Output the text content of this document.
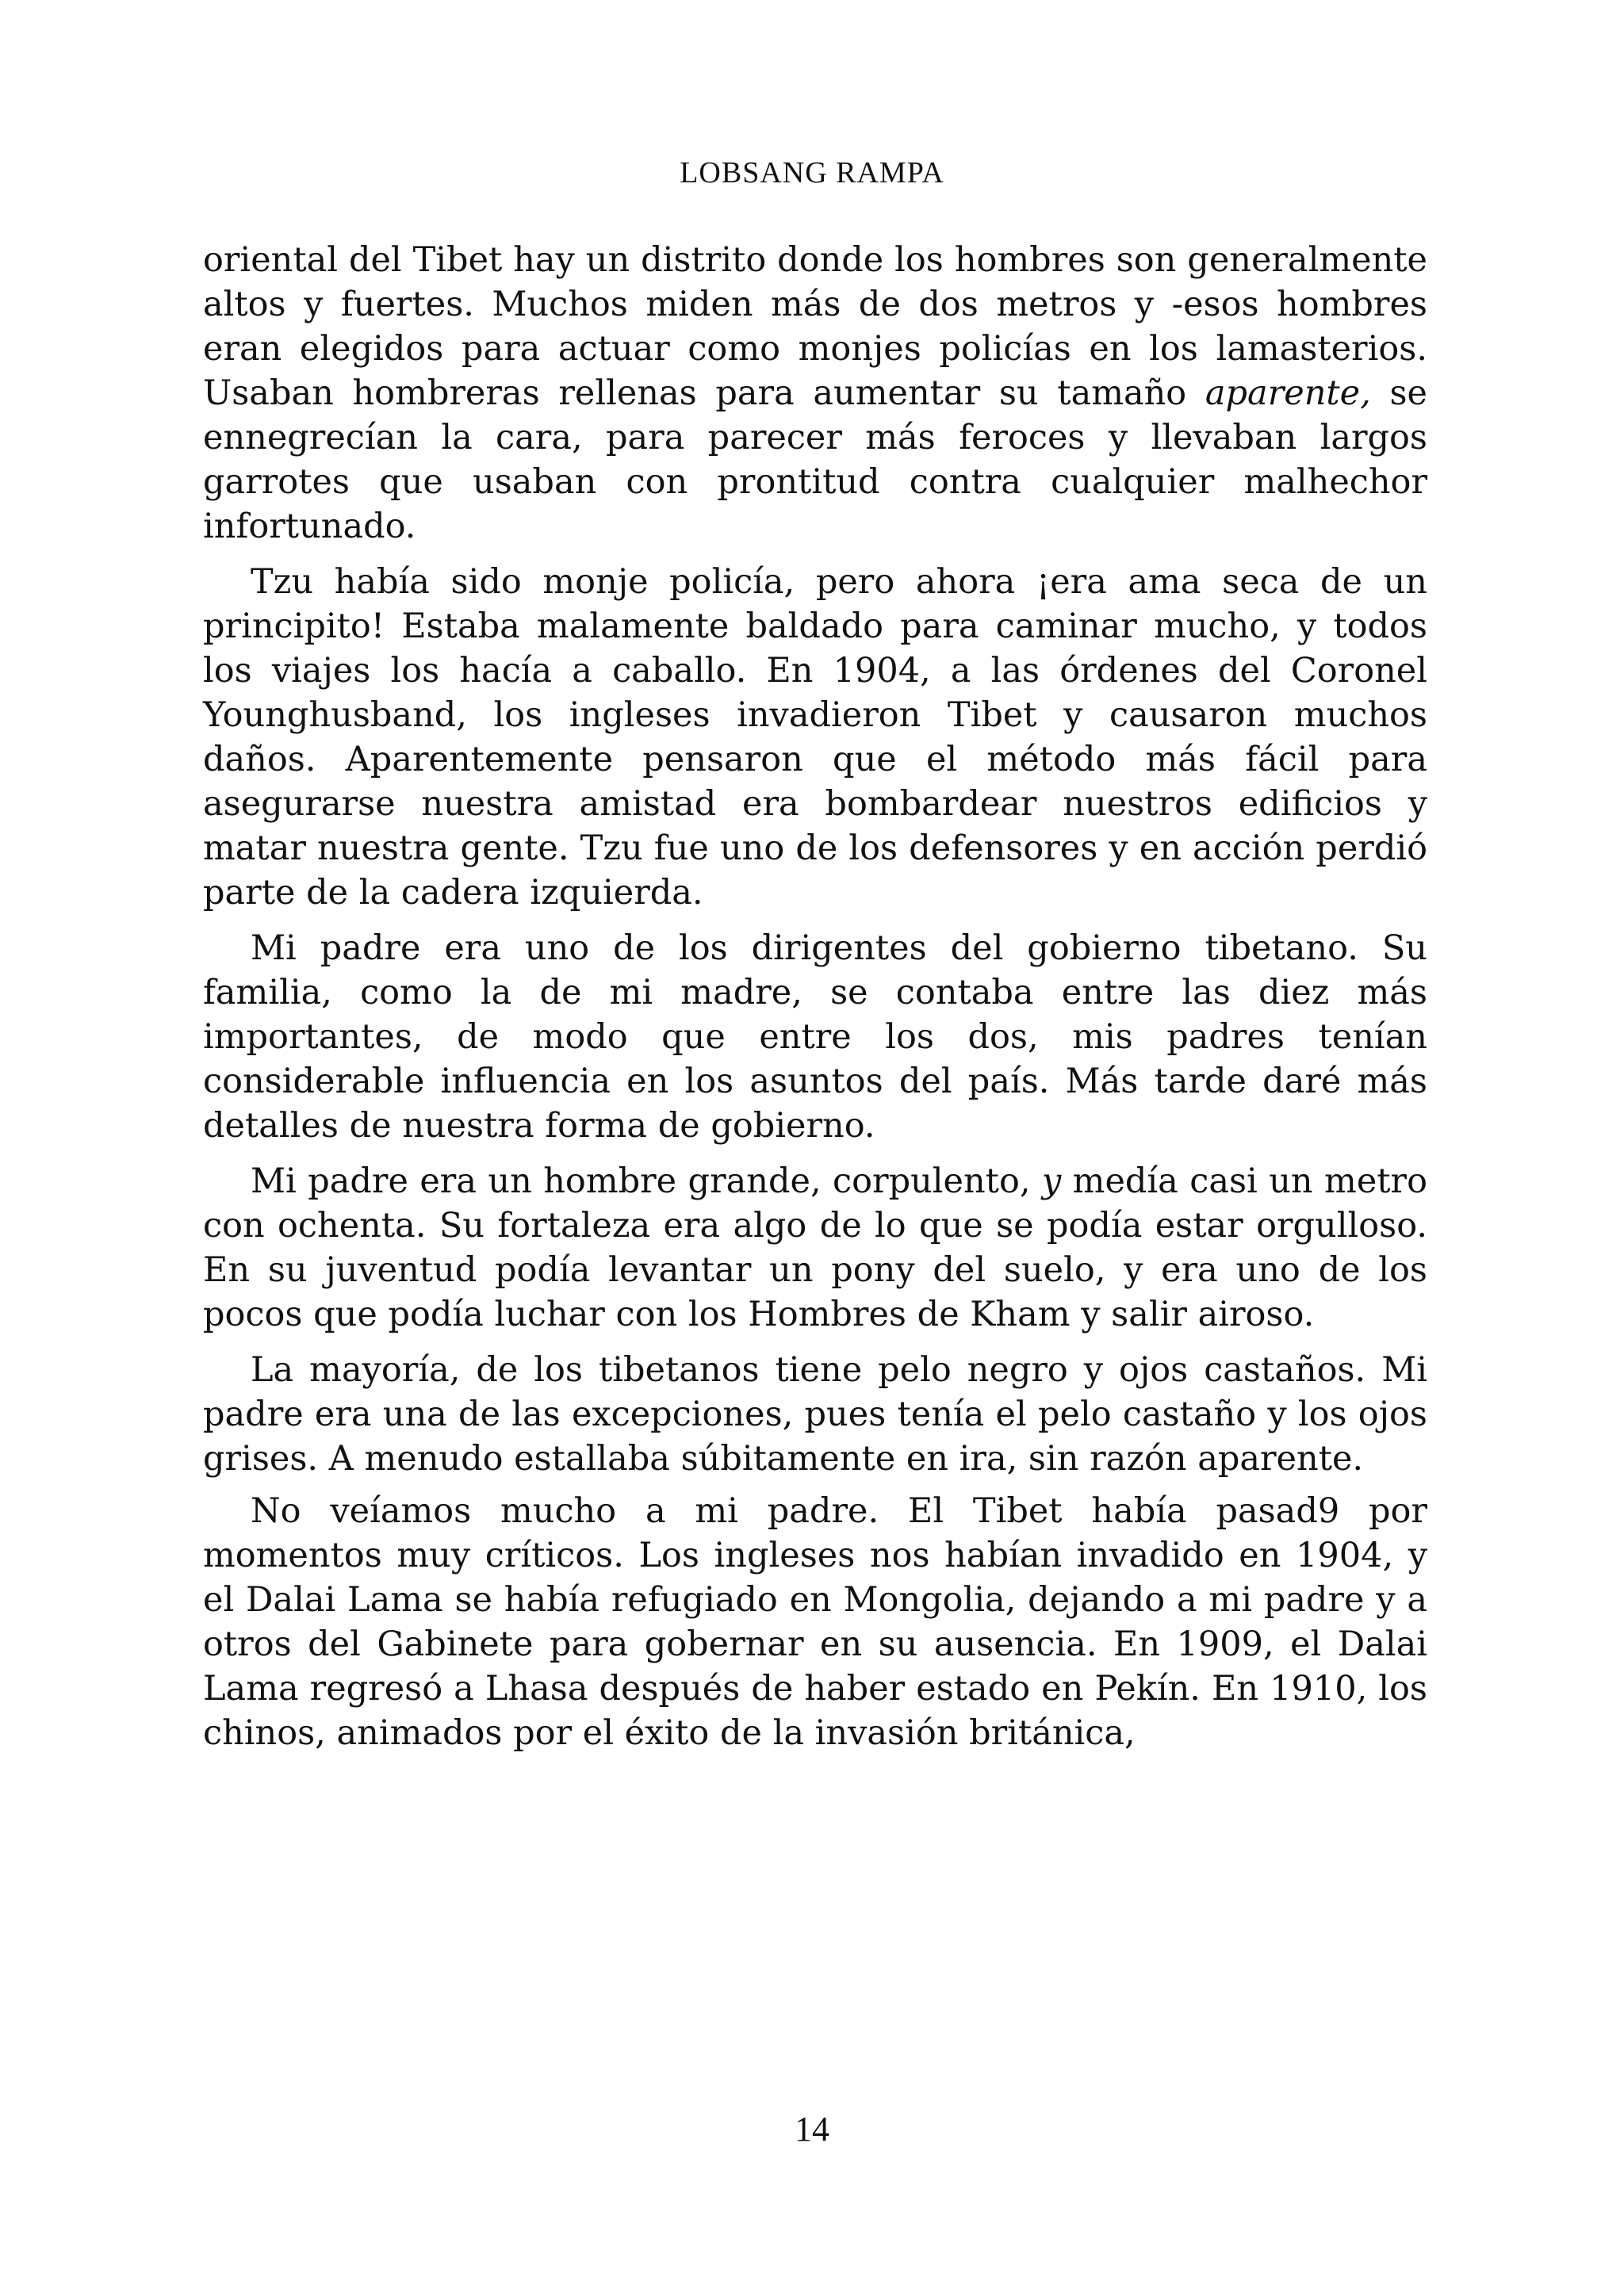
LOBSANG RAMPA

oriental del Tibet hay un distrito donde los hombres son generalmente altos y fuertes. Muchos miden más de dos metros y -esos hombres eran elegidos para actuar como monjes policías en los lamasterios. Usaban hombreras rellenas para aumentar su tamaño aparente, se ennegrecían la cara, para parecer más feroces y llevaban largos garrotes que usaban con prontitud contra cualquier malhechor infortunado.

Tzu había sido monje policía, pero ahora ¡era ama seca de un principito! Estaba malamente baldado para caminar mucho, y todos los viajes los hacía a caballo. En 1904, a las órdenes del Coronel Younghusband, los ingleses invadieron Tibet y causaron muchos daños. Aparentemente pensaron que el método más fácil para asegurarse nuestra amistad era bombardear nuestros edificios y matar nuestra gente. Tzu fue uno de los defensores y en acción perdió parte de la cadera izquierda.

Mi padre era uno de los dirigentes del gobierno tibetano. Su familia, como la de mi madre, se contaba entre las diez más importantes, de modo que entre los dos, mis padres tenían considerable influencia en los asuntos del país. Más tarde daré más detalles de nuestra forma de gobierno.

Mi padre era un hombre grande, corpulento, y medía casi un metro con ochenta. Su fortaleza era algo de lo que se podía estar orgulloso. En su juventud podía levantar un pony del suelo, y era uno de los pocos que podía luchar con los Hombres de Kham y salir airoso.

La mayoría, de los tibetanos tiene pelo negro y ojos castaños. Mi padre era una de las excepciones, pues tenía el pelo castaño y los ojos grises. A menudo estallaba súbitamente en ira, sin razón aparente.

No veíamos mucho a mi padre. El Tibet había pasad9 por momentos muy críticos. Los ingleses nos habían invadido en 1904, y el Dalai Lama se había refugiado en Mongolia, dejando a mi padre y a otros del Gabinete para gobernar en su ausencia. En 1909, el Dalai Lama regresó a Lhasa después de haber estado en Pekín. En 1910, los chinos, animados por el éxito de la invasión británica,

14
